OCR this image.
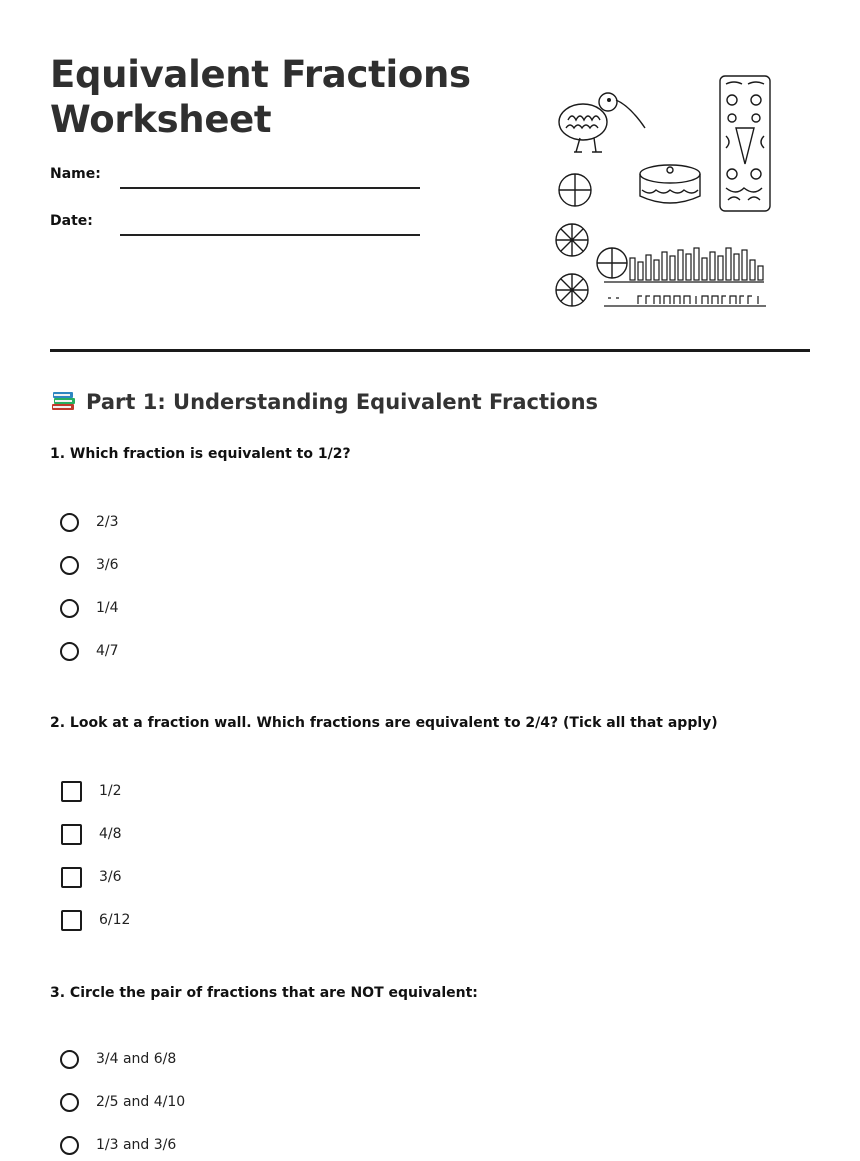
Equivalent Fractions Worksheet
Name:
Date:
Part 1: Understanding Equivalent Fractions

1. Which fraction is equivalent to 1/2?

2/3
3/6
1/4
4/7

2. Look at a fraction wall. Which fractions are equivalent to 2/4? (Tick all that apply)

1/2
4/8
3/6
6/12

3. Circle the pair of fractions that are NOT equivalent:

3/4 and 6/8
2/5 and 4/10
1/3 and 3/6
